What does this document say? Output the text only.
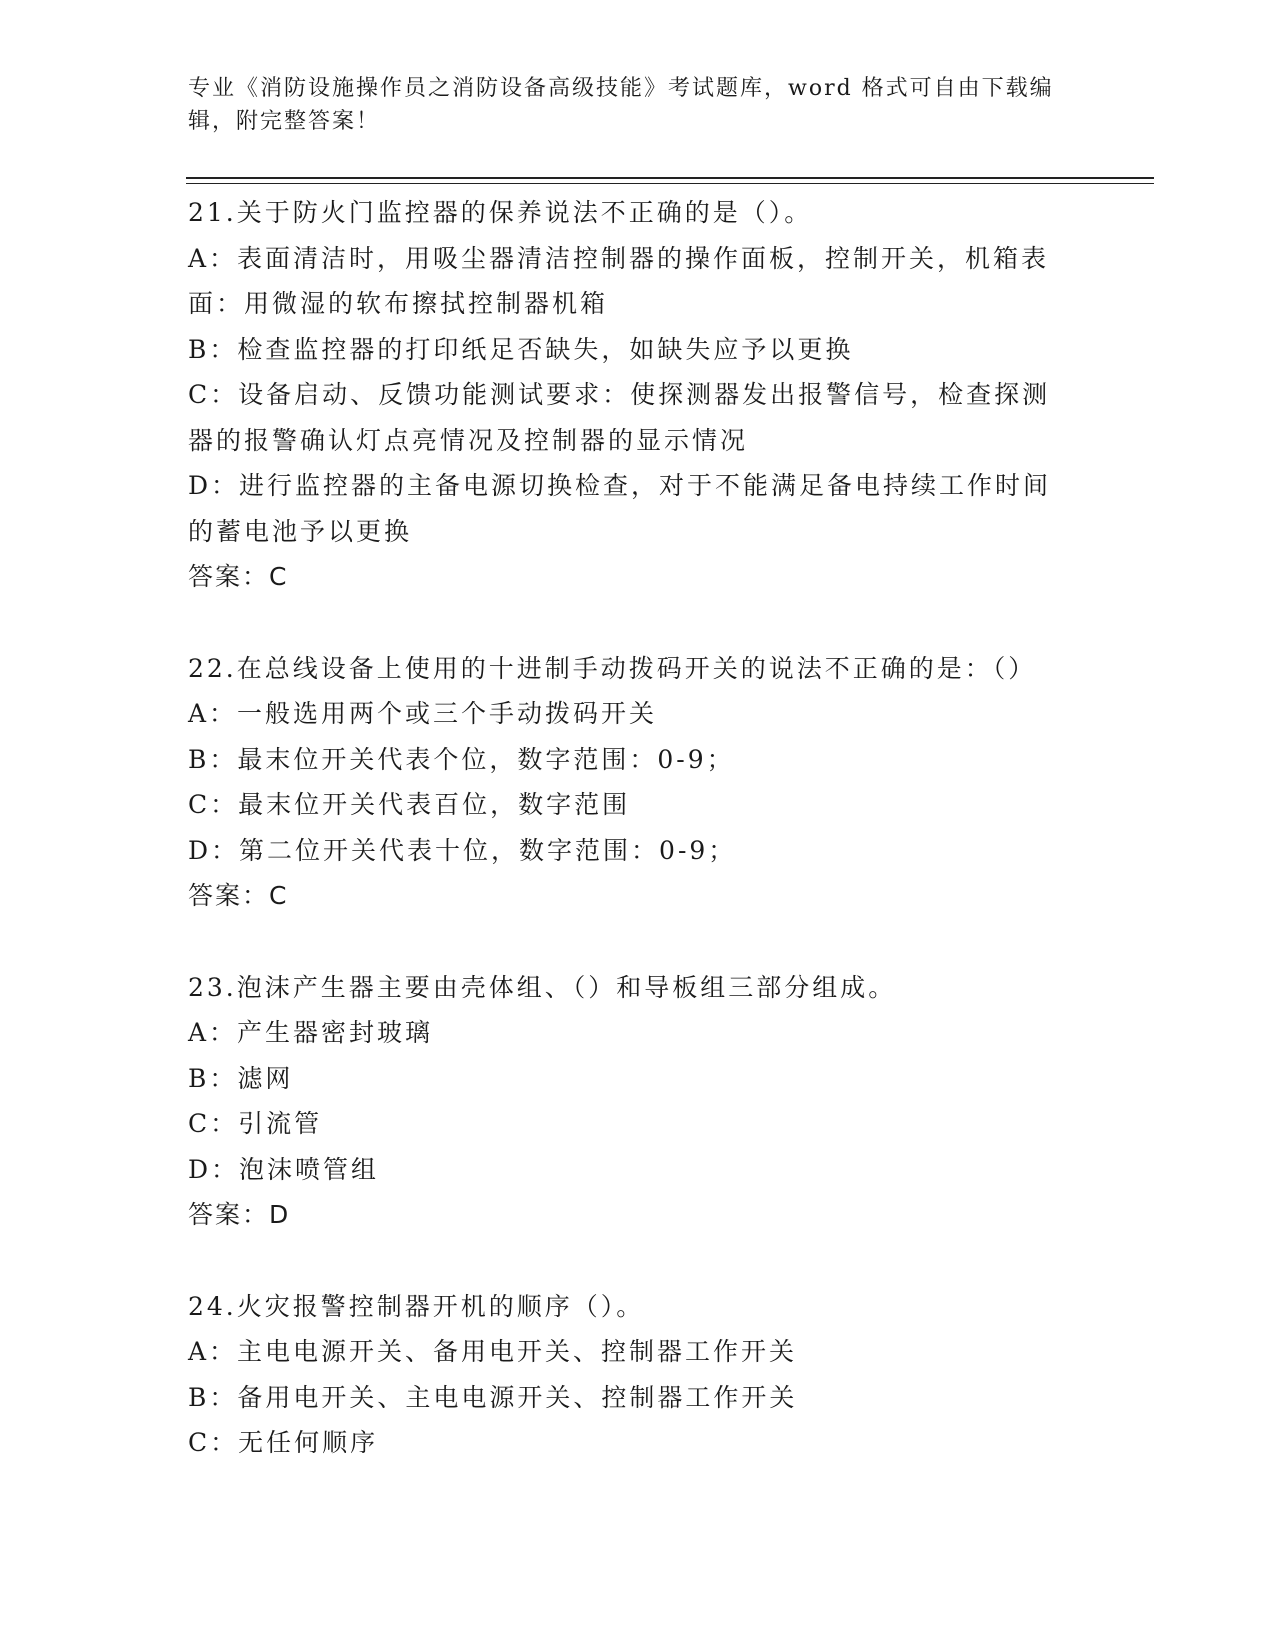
专业《消防设施操作员之消防设备高级技能》考试题库，word 格式可自由下载编辑，附完整答案！
21.关于防火门监控器的保养说法不正确的是（）。
A：表面清洁时，用吸尘器清洁控制器的操作面板，控制开关，机箱表面：用微湿的软布擦拭控制器机箱
B：检查监控器的打印纸足否缺失，如缺失应予以更换
C：设备启动、反馈功能测试要求：使探测器发出报警信号，检查探测器的报警确认灯点亮情况及控制器的显示情况
D：进行监控器的主备电源切换检查，对于不能满足备电持续工作时间的蓄电池予以更换
答案：C
22.在总线设备上使用的十进制手动拨码开关的说法不正确的是：（）
A：一般选用两个或三个手动拨码开关
B：最末位开关代表个位，数字范围：0-9；
C：最末位开关代表百位，数字范围
D：第二位开关代表十位，数字范围：0-9；
答案：C
23.泡沫产生器主要由壳体组、（）和导板组三部分组成。
A：产生器密封玻璃
B：滤网
C：引流管
D：泡沫喷管组
答案：D
24.火灾报警控制器开机的顺序（）。
A：主电电源开关、备用电开关、控制器工作开关
B：备用电开关、主电电源开关、控制器工作开关
C：无任何顺序
